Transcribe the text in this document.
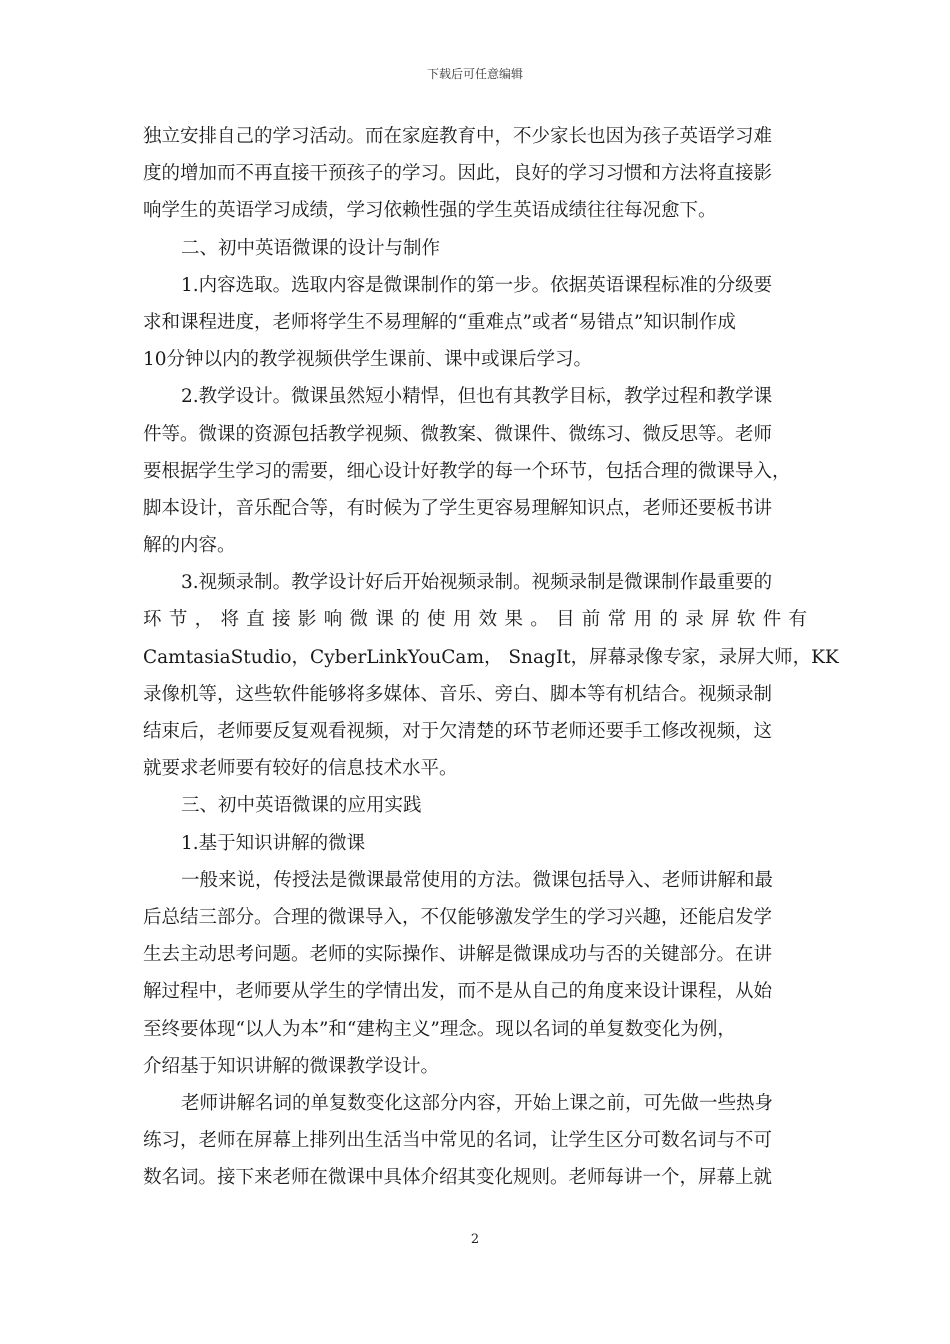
下载后可任意编辑
独立安排自己的学习活动。而在家庭教育中，不少家长也因为孩子英语学习难
度的增加而不再直接干预孩子的学习。因此，良好的学习习惯和方法将直接影
响学生的英语学习成绩，学习依赖性强的学生英语成绩往往每况愈下。
二、初中英语微课的设计与制作
1.内容选取。选取内容是微课制作的第一步。依据英语课程标准的分级要
求和课程进度，老师将学生不易理解的“重难点”或者“易错点”知识制作成
10分钟以内的教学视频供学生课前、课中或课后学习。
2.教学设计。微课虽然短小精悍，但也有其教学目标，教学过程和教学课
件等。微课的资源包括教学视频、微教案、微课件、微练习、微反思等。老师
要根据学生学习的需要，细心设计好教学的每一个环节，包括合理的微课导入，
脚本设计，音乐配合等，有时候为了学生更容易理解知识点，老师还要板书讲
解的内容。
3.视频录制。教学设计好后开始视频录制。视频录制是微课制作最重要的
环节，将直接影响微课的使用效果。目前常用的录屏软件有
CamtasiaStudio，CyberLinkYouCam， SnagIt，屏幕录像专家，录屏大师，KK
录像机等，这些软件能够将多媒体、音乐、旁白、脚本等有机结合。视频录制
结束后，老师要反复观看视频，对于欠清楚的环节老师还要手工修改视频，这
就要求老师要有较好的信息技术水平。
三、初中英语微课的应用实践
1.基于知识讲解的微课
一般来说，传授法是微课最常使用的方法。微课包括导入、老师讲解和最
后总结三部分。合理的微课导入，不仅能够激发学生的学习兴趣，还能启发学
生去主动思考问题。老师的实际操作、讲解是微课成功与否的关键部分。在讲
解过程中，老师要从学生的学情出发，而不是从自己的角度来设计课程，从始
至终要体现“以人为本”和“建构主义”理念。现以名词的单复数变化为例，
介绍基于知识讲解的微课教学设计。
老师讲解名词的单复数变化这部分内容，开始上课之前，可先做一些热身
练习，老师在屏幕上排列出生活当中常见的名词，让学生区分可数名词与不可
数名词。接下来老师在微课中具体介绍其变化规则。老师每讲一个，屏幕上就
2
